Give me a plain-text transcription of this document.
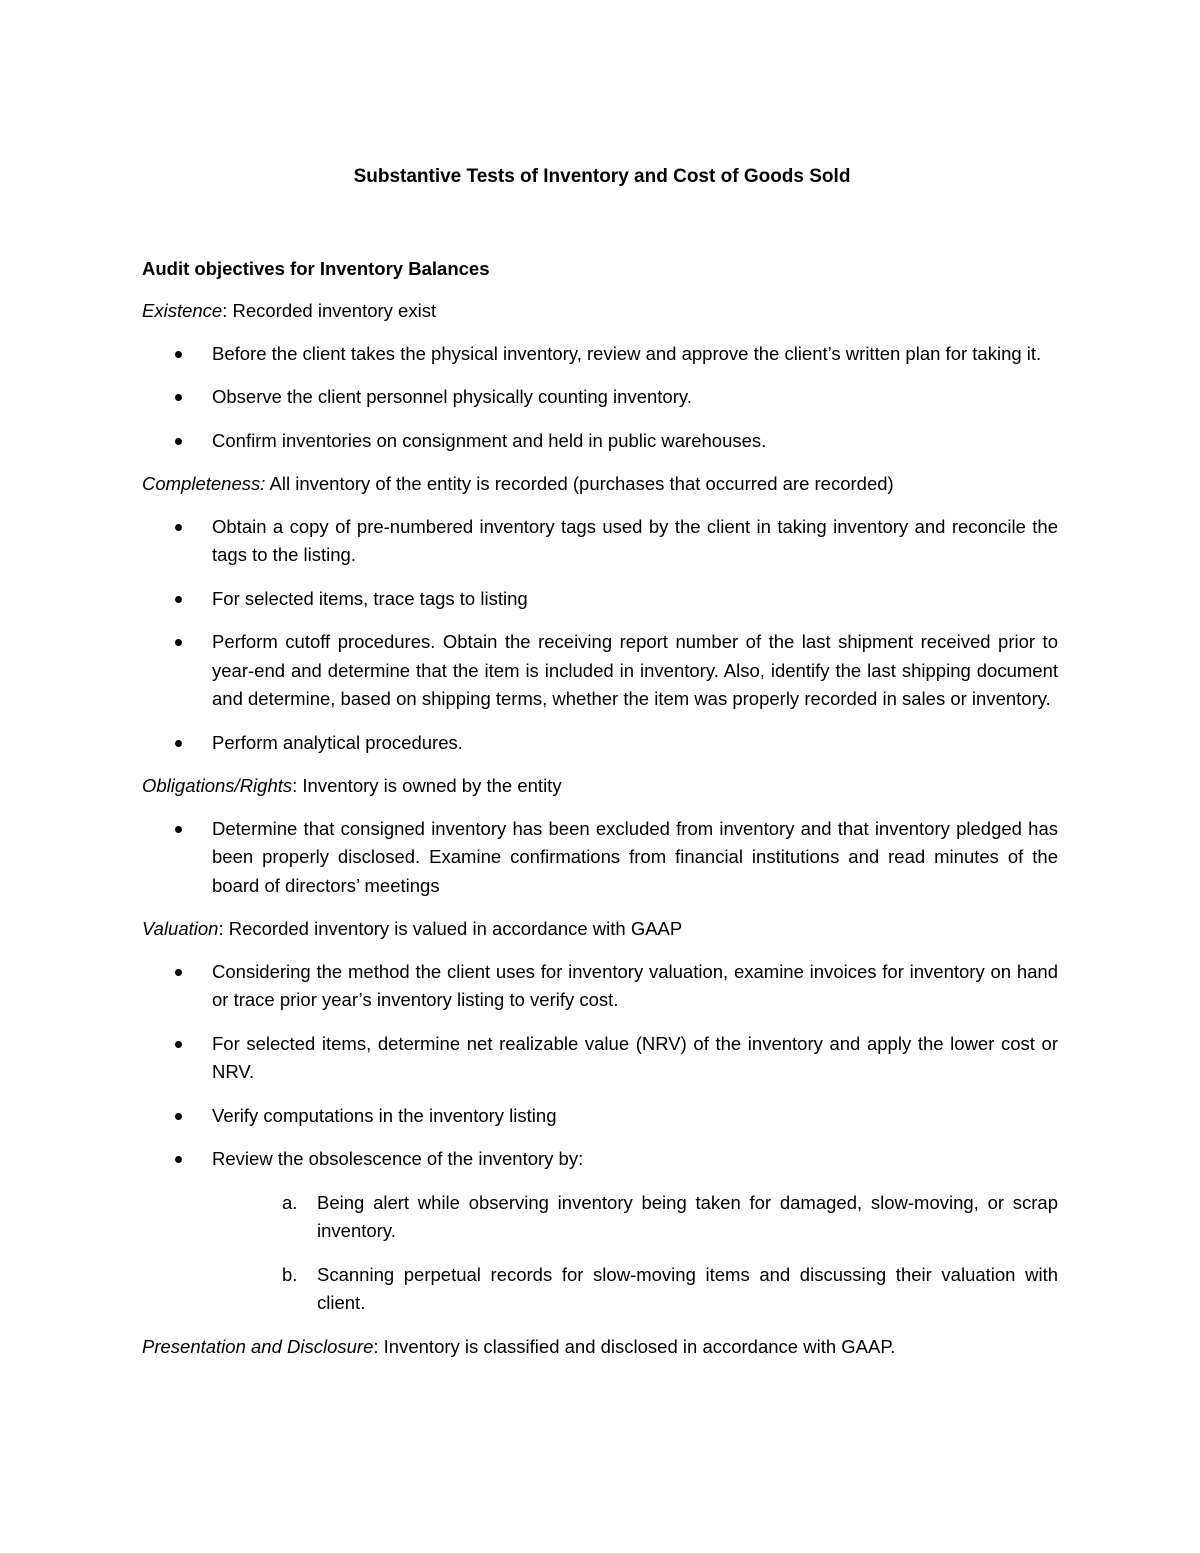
Substantive Tests of Inventory and Cost of Goods Sold
Audit objectives for Inventory Balances
Existence: Recorded inventory exist
Before the client takes the physical inventory, review and approve the client’s written plan for taking it.
Observe the client personnel physically counting inventory.
Confirm inventories on consignment and held in public warehouses.
Completeness: All inventory of the entity is recorded (purchases that occurred are recorded)
Obtain a copy of pre-numbered inventory tags used by the client in taking inventory and reconcile the tags to the listing.
For selected items, trace tags to listing
Perform cutoff procedures. Obtain the receiving report number of the last shipment received prior to year-end and determine that the item is included in inventory. Also, identify the last shipping document and determine, based on shipping terms, whether the item was properly recorded in sales or inventory.
Perform analytical procedures.
Obligations/Rights: Inventory is owned by the entity
Determine that consigned inventory has been excluded from inventory and that inventory pledged has been properly disclosed. Examine confirmations from financial institutions and read minutes of the board of directors’ meetings
Valuation: Recorded inventory is valued in accordance with GAAP
Considering the method the client uses for inventory valuation, examine invoices for inventory on hand or trace prior year’s inventory listing to verify cost.
For selected items, determine net realizable value (NRV) of the inventory and apply the lower cost or NRV.
Verify computations in the inventory listing
Review the obsolescence of the inventory by:
a. Being alert while observing inventory being taken for damaged, slow-moving, or scrap inventory.
b. Scanning perpetual records for slow-moving items and discussing their valuation with client.
Presentation and Disclosure: Inventory is classified and disclosed in accordance with GAAP.
